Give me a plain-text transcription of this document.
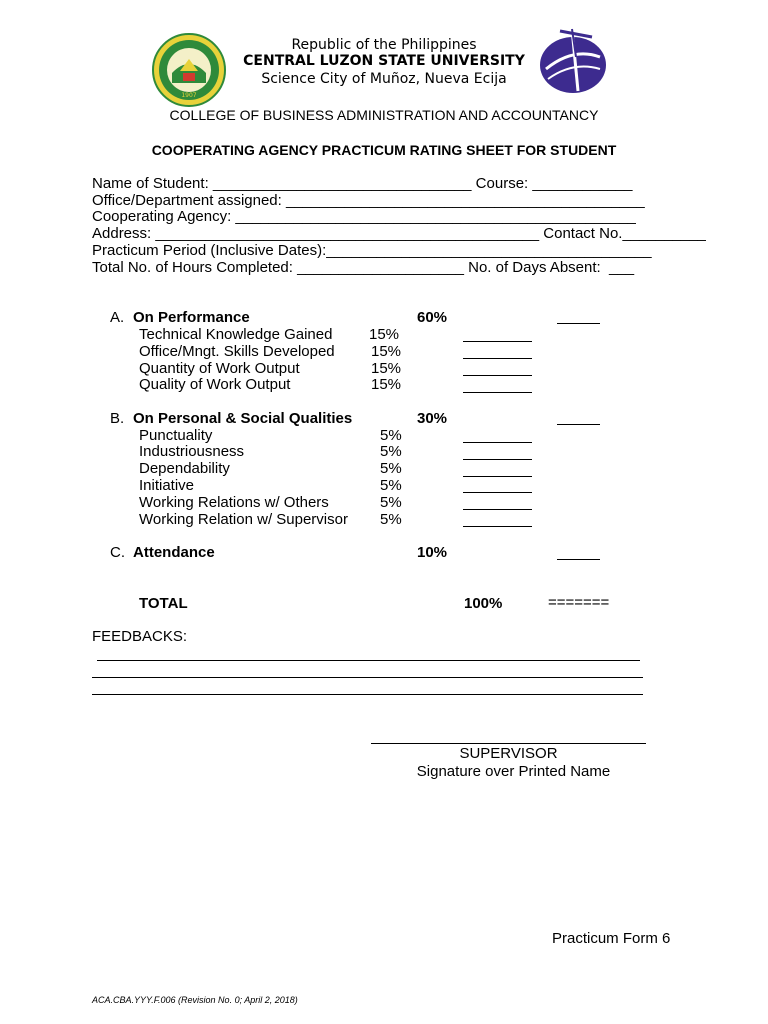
1907
Republic of the Philippines
CENTRAL LUZON STATE UNIVERSITY
Science City of Muñoz, Nueva Ecija
COLLEGE OF BUSINESS ADMINISTRATION AND ACCOUNTANCY
COOPERATING AGENCY PRACTICUM RATING SHEET FOR STUDENT
Name of Student: _______________________________ Course: ____________
Office/Department assigned: ___________________________________________
Cooperating Agency: ________________________________________________
Address: ______________________________________________ Contact No.__________
Practicum Period (Inclusive Dates):_______________________________________
Total No. of Hours Completed: ____________________ No. of Days Absent:  ___
A. On Performance	60%
Technical Knowledge Gained 15%
Office/Mngt. Skills Developed 15%
Quantity of Work Output	15%
Quality of Work Output	15%
B. On Personal & Social Qualities	30%
Punctuality	5%
Industriousness	5%
Dependability	5%
Initiative	5%
Working Relations w/ Others	5%
Working Relation w/ Supervisor 5%
C. Attendance	10%
TOTAL	100%	=======
FEEDBACKS:
SUPERVISOR
Signature over Printed Name
Practicum Form 6
ACA.CBA.YYY.F.006 (Revision No. 0; April 2, 2018)
